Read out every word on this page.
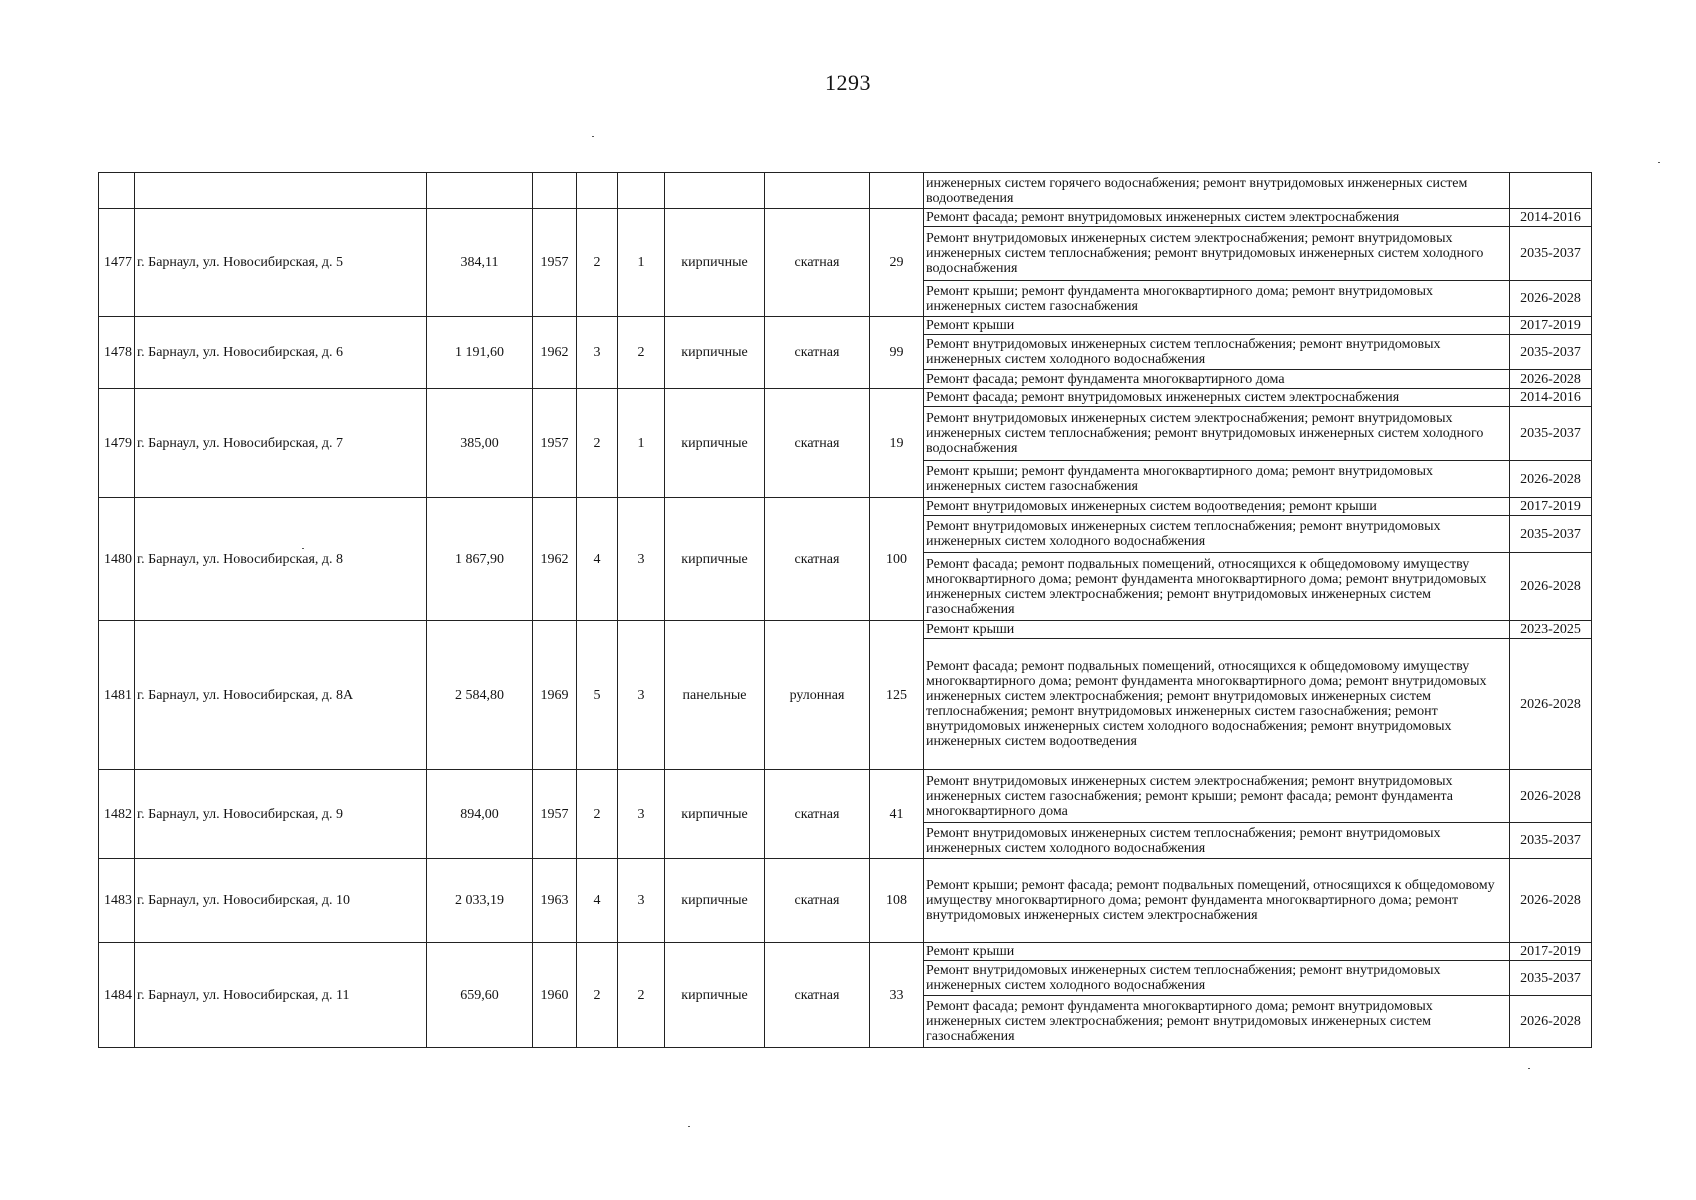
1293
									инженерных систем горячего водоснабжения; ремонт внутридомовых инженерных систем водоотведения	
1477	г. Барнаул, ул. Новосибирская, д. 5	384,11	1957	2	1	кирпичные	скатная	29	Ремонт фасада; ремонт внутридомовых инженерных систем электроснабжения	2014-2016
									Ремонт внутридомовых инженерных систем электроснабжения; ремонт внутридомовых инженерных систем теплоснабжения; ремонт внутридомовых инженерных систем холодного водоснабжения	2035-2037
									Ремонт крыши; ремонт фундамента многоквартирного дома; ремонт внутридомовых инженерных систем газоснабжения	2026-2028
1478	г. Барнаул, ул. Новосибирская, д. 6	1 191,60	1962	3	2	кирпичные	скатная	99	Ремонт крыши	2017-2019
									Ремонт внутридомовых инженерных систем теплоснабжения; ремонт внутридомовых инженерных систем холодного водоснабжения	2035-2037
									Ремонт фасада; ремонт фундамента многоквартирного дома	2026-2028
1479	г. Барнаул, ул. Новосибирская, д. 7	385,00	1957	2	1	кирпичные	скатная	19	Ремонт фасада; ремонт внутридомовых инженерных систем электроснабжения	2014-2016
									Ремонт внутридомовых инженерных систем электроснабжения; ремонт внутридомовых инженерных систем теплоснабжения; ремонт внутридомовых инженерных систем холодного водоснабжения	2035-2037
									Ремонт крыши; ремонт фундамента многоквартирного дома; ремонт внутридомовых инженерных систем газоснабжения	2026-2028
1480	г. Барнаул, ул. Новосибирская, д. 8	1 867,90	1962	4	3	кирпичные	скатная	100	Ремонт внутридомовых инженерных систем водоотведения; ремонт крыши	2017-2019
									Ремонт внутридомовых инженерных систем теплоснабжения; ремонт внутридомовых инженерных систем холодного водоснабжения	2035-2037
									Ремонт фасада; ремонт подвальных помещений, относящихся к общедомовому имуществу многоквартирного дома; ремонт фундамента многоквартирного дома; ремонт внутридомовых инженерных систем электроснабжения; ремонт внутридомовых инженерных систем газоснабжения	2026-2028
1481	г. Барнаул, ул. Новосибирская, д. 8А	2 584,80	1969	5	3	панельные	рулонная	125	Ремонт крыши	2023-2025
									Ремонт фасада; ремонт подвальных помещений, относящихся к общедомовому имуществу многоквартирного дома; ремонт фундамента многоквартирного дома; ремонт внутридомовых инженерных систем электроснабжения; ремонт внутридомовых инженерных систем теплоснабжения; ремонт внутридомовых инженерных систем газоснабжения; ремонт внутридомовых инженерных систем холодного водоснабжения; ремонт внутридомовых инженерных систем водоотведения	2026-2028
1482	г. Барнаул, ул. Новосибирская, д. 9	894,00	1957	2	3	кирпичные	скатная	41	Ремонт внутридомовых инженерных систем электроснабжения; ремонт внутридомовых инженерных систем газоснабжения; ремонт крыши; ремонт фасада; ремонт фундамента многоквартирного дома	2026-2028
									Ремонт внутридомовых инженерных систем теплоснабжения; ремонт внутридомовых инженерных систем холодного водоснабжения	2035-2037
1483	г. Барнаул, ул. Новосибирская, д. 10	2 033,19	1963	4	3	кирпичные	скатная	108	Ремонт крыши; ремонт фасада; ремонт подвальных помещений, относящихся к общедомовому имуществу многоквартирного дома; ремонт фундамента многоквартирного дома; ремонт внутридомовых инженерных систем электроснабжения	2026-2028
1484	г. Барнаул, ул. Новосибирская, д. 11	659,60	1960	2	2	кирпичные	скатная	33	Ремонт крыши	2017-2019
									Ремонт внутридомовых инженерных систем теплоснабжения; ремонт внутридомовых инженерных систем холодного водоснабжения	2035-2037
									Ремонт фасада; ремонт фундамента многоквартирного дома; ремонт внутридомовых инженерных систем электроснабжения; ремонт внутридомовых инженерных систем газоснабжения	2026-2028
